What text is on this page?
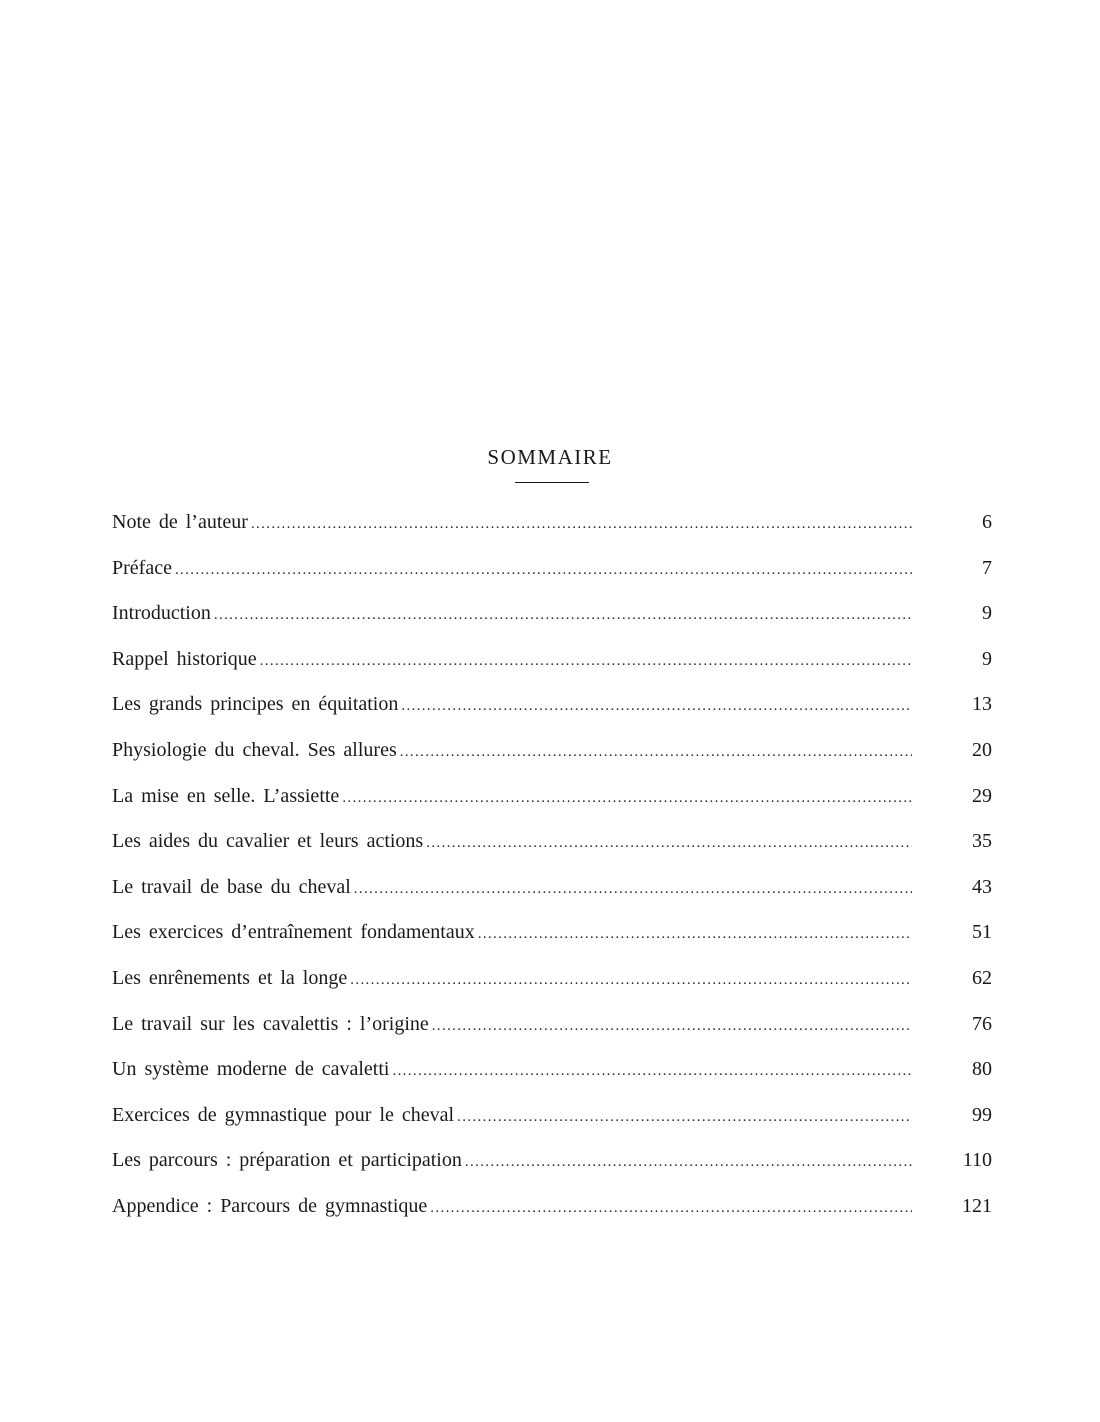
SOMMAIRE
Note de l’auteur . . .	6
Préface . . .	7
Introduction . . .	9
Rappel historique . . .	9
Les grands principes en équitation . . .	13
Physiologie du cheval. Ses allures . . .	20
La mise en selle. L’assiette . . .	29
Les aides du cavalier et leurs actions . . .	35
Le travail de base du cheval . . .	43
Les exercices d’entraînement fondamentaux . . .	51
Les enrênements et la longe . . .	62
Le travail sur les cavalettis : l’origine . . .	76
Un système moderne de cavaletti . . .	80
Exercices de gymnastique pour le cheval . . .	99
Les parcours : préparation et participation . . .	110
Appendice : Parcours de gymnastique . . .	121
